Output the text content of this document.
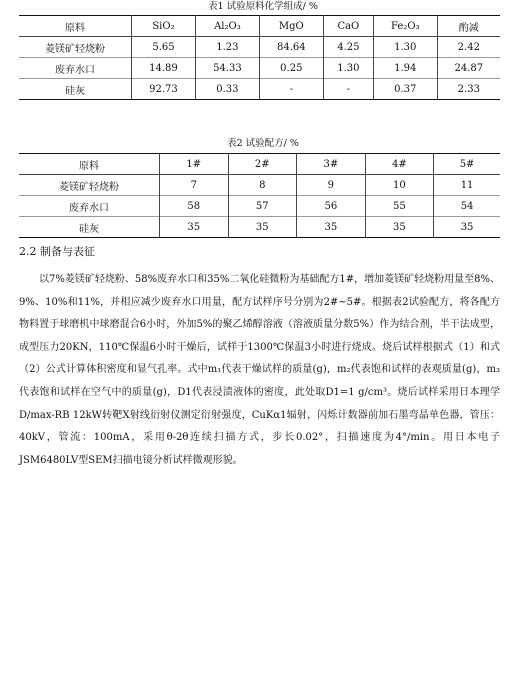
表1 试验原料化学组成/ %
原料	SiO₂	Al₂O₃	MgO	CaO	Fe₂O₃	酌减
菱镁矿轻烧粉	5.65	1.23	84.64	4.25	1.30	2.42
废弃水口	14.89	54.33	0.25	1.30	1.94	24.87
硅灰	92.73	0.33	-	-	0.37	2.33
表2 试验配方/ %
原料	1#	2#	3#	4#	5#
菱镁矿轻烧粉	7	8	9	10	11
废弃水口	58	57	56	55	54
硅灰	35	35	35	35	35
2.2 制备与表征

以7%菱镁矿轻烧粉、58%废弃水口和35%二氧化硅微粉为基础配方1#，增加菱镁矿轻烧粉用量至8%、9%、10%和11%，并相应减少废弃水口用量，配方试样序号分别为2#~5#。根据表2试验配方，将各配方物料置于球磨机中球磨混合6小时，外加5%的聚乙烯醇溶液（溶液质量分数5%）作为结合剂，半干法成型，成型压力20KN，110℃保温6小时干燥后，试样于1300℃保温3小时进行烧成。烧后试样根据式（1）和式（2）公式计算体积密度和显气孔率。式中m₁代表干燥试样的质量(g)，m₂代表饱和试样的表观质量(g)，m₃代表饱和试样在空气中的质量(g)，D1代表浸渍液体的密度，此处取D1=1 g/cm³。烧后试样采用日本理学D/max-RB 12kW转靶X射线衍射仪测定衍射强度，CuKα1辐射，闪烁计数器前加石墨弯晶单色器，管压：40kV，管流：100mA，采用θ-2θ连续扫描方式，步长0.02°，扫描速度为4°/min。用日本电子JSM6480LV型SEM扫描电镜分析试样微观形貌。
